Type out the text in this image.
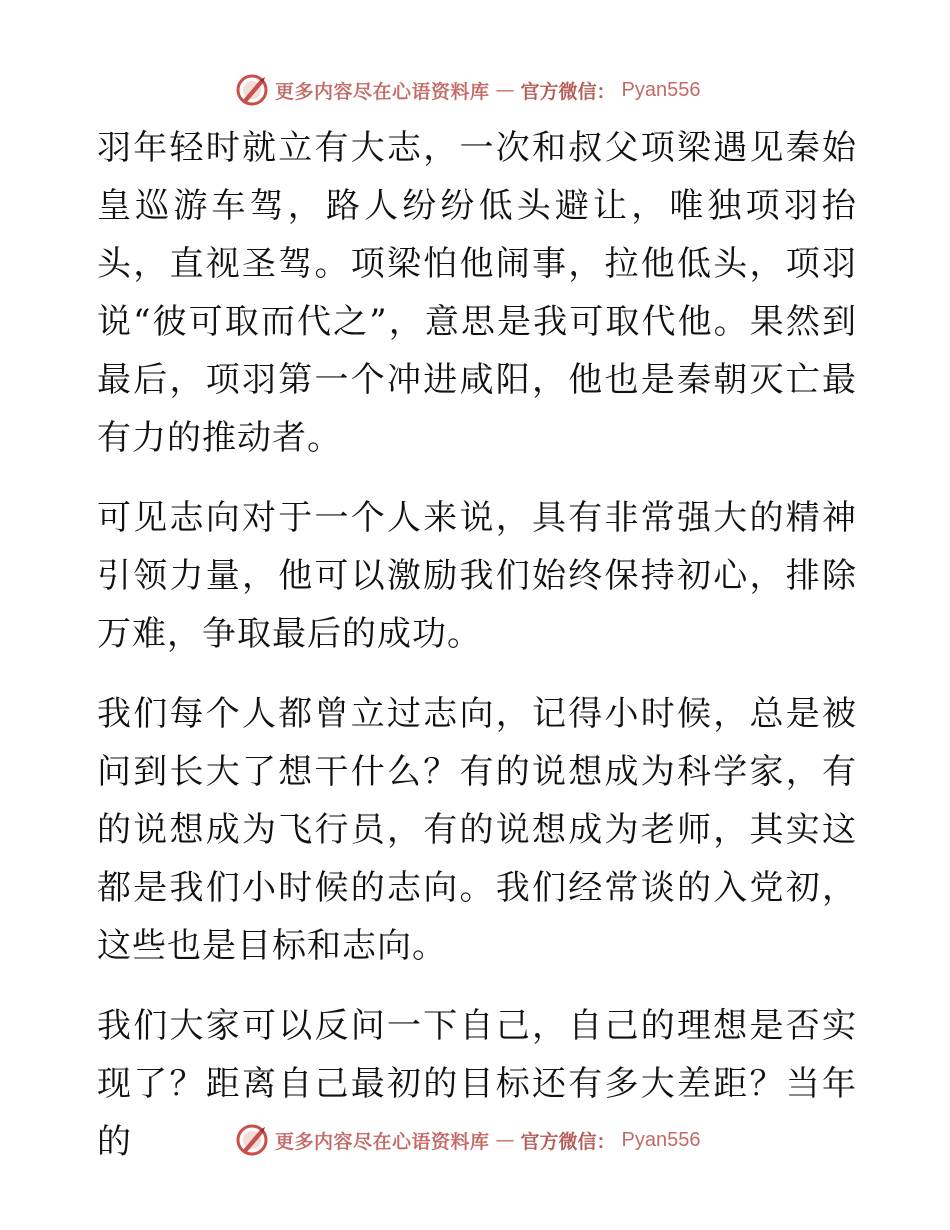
更多内容尽在心语资料库 — 官方微信： Pyan556

羽年轻时就立有大志，一次和叔父项梁遇见秦始皇巡游车驾，路人纷纷低头避让，唯独项羽抬头，直视圣驾。项梁怕他闹事，拉他低头，项羽说“彼可取而代之”，意思是我可取代他。果然到最后，项羽第一个冲进咸阳，他也是秦朝灭亡最有力的推动者。

可见志向对于一个人来说，具有非常强大的精神引领力量，他可以激励我们始终保持初心，排除万难，争取最后的成功。

我们每个人都曾立过志向，记得小时候，总是被问到长大了想干什么？有的说想成为科学家，有的说想成为飞行员，有的说想成为老师，其实这都是我们小时候的志向。我们经常谈的入党初，这些也是目标和志向。

我们大家可以反问一下自己，自己的理想是否实现了？距离自己最初的目标还有多大差距？当年的	更多内容尽在心语资料库 — 官方微信： Pyan556
